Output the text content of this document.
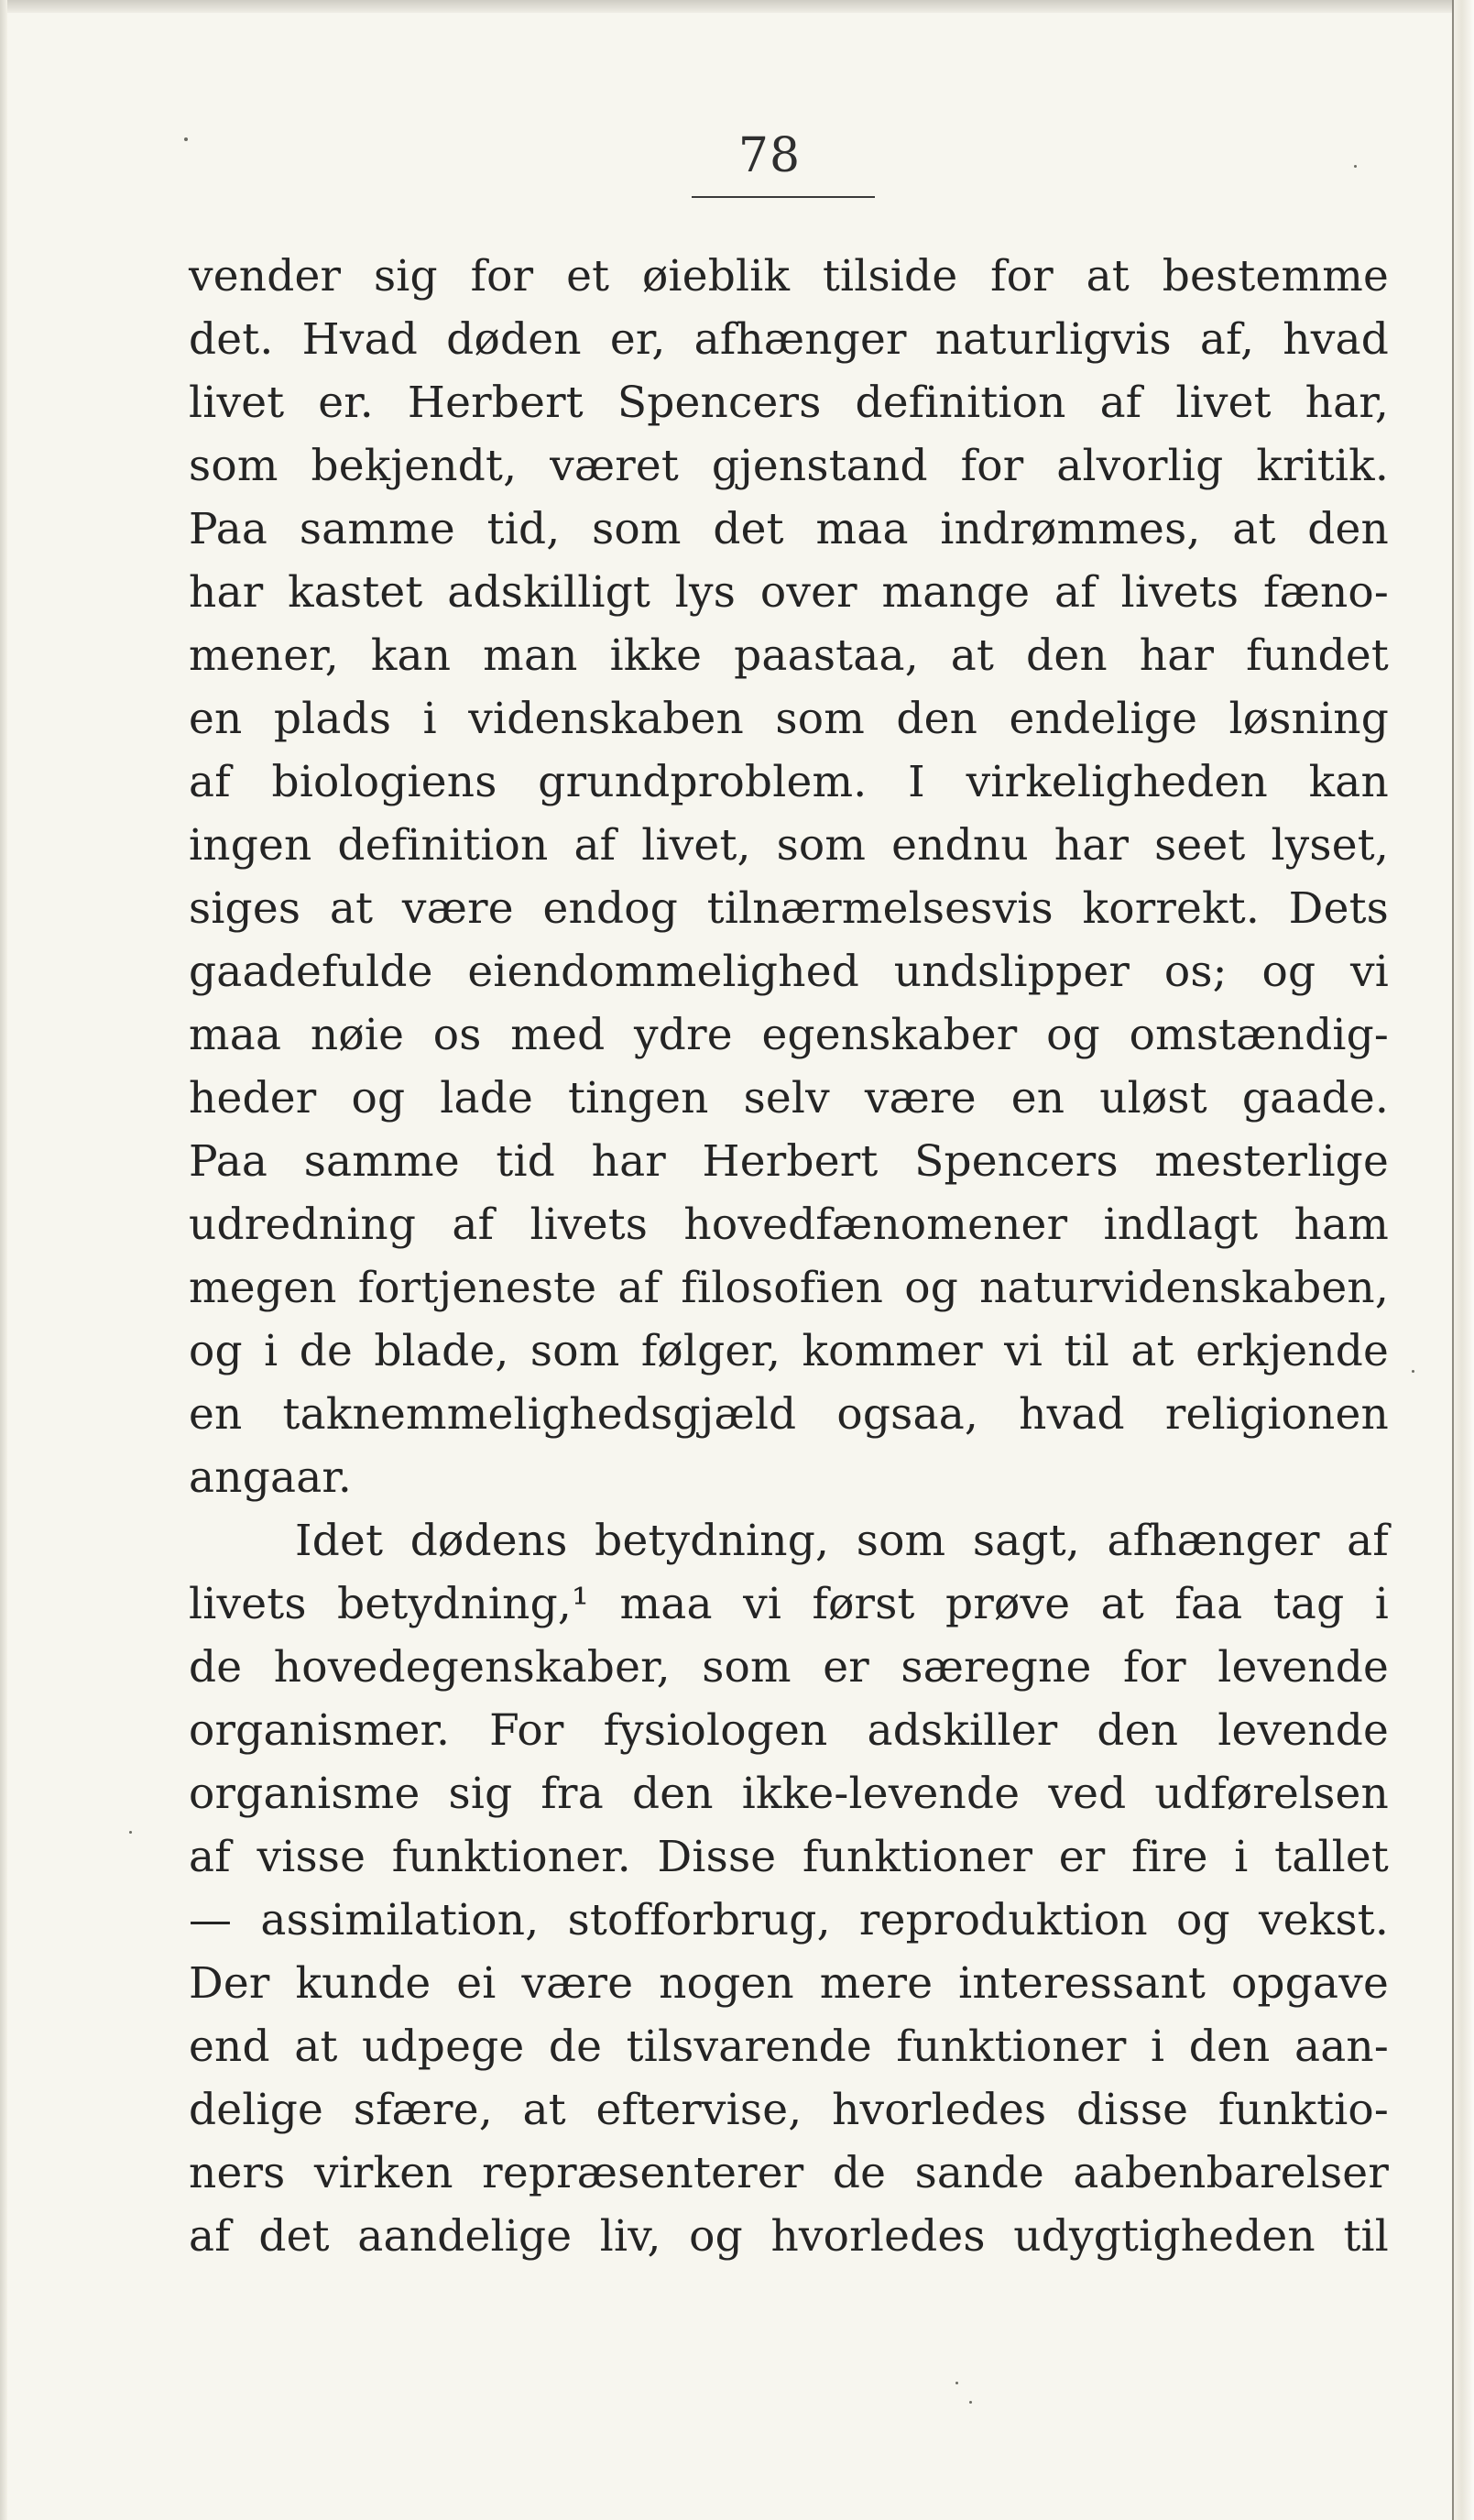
78
vender sig for et øieblik tilside for at bestemme
det. Hvad døden er, afhænger naturligvis af, hvad
livet er. Herbert Spencers definition af livet har,
som bekjendt, været gjenstand for alvorlig kritik.
Paa samme tid, som det maa indrømmes, at den
har kastet adskilligt lys over mange af livets fæno-
mener, kan man ikke paastaa, at den har fundet
en plads i videnskaben som den endelige løsning
af biologiens grundproblem. I virkeligheden kan
ingen definition af livet, som endnu har seet lyset,
siges at være endog tilnærmelsesvis korrekt. Dets
gaadefulde eiendommelighed undslipper os; og vi
maa nøie os med ydre egenskaber og omstændig-
heder og lade tingen selv være en uløst gaade.
Paa samme tid har Herbert Spencers mesterlige
udredning af livets hovedfænomener indlagt ham
megen fortjeneste af filosofien og naturvidenskaben,
og i de blade, som følger, kommer vi til at erkjende
en taknemmelighedsgjæld ogsaa, hvad religionen
angaar.
Idet dødens betydning, som sagt, afhænger af
livets betydning,¹ maa vi først prøve at faa tag i
de hovedegenskaber, som er særegne for levende
organismer. For fysiologen adskiller den levende
organisme sig fra den ikke-levende ved udførelsen
af visse funktioner. Disse funktioner er fire i tallet
— assimilation, stofforbrug, reproduktion og vekst.
Der kunde ei være nogen mere interessant opgave
end at udpege de tilsvarende funktioner i den aan-
delige sfære, at eftervise, hvorledes disse funktio-
ners virken repræsenterer de sande aabenbarelser
af det aandelige liv, og hvorledes udygtigheden til
